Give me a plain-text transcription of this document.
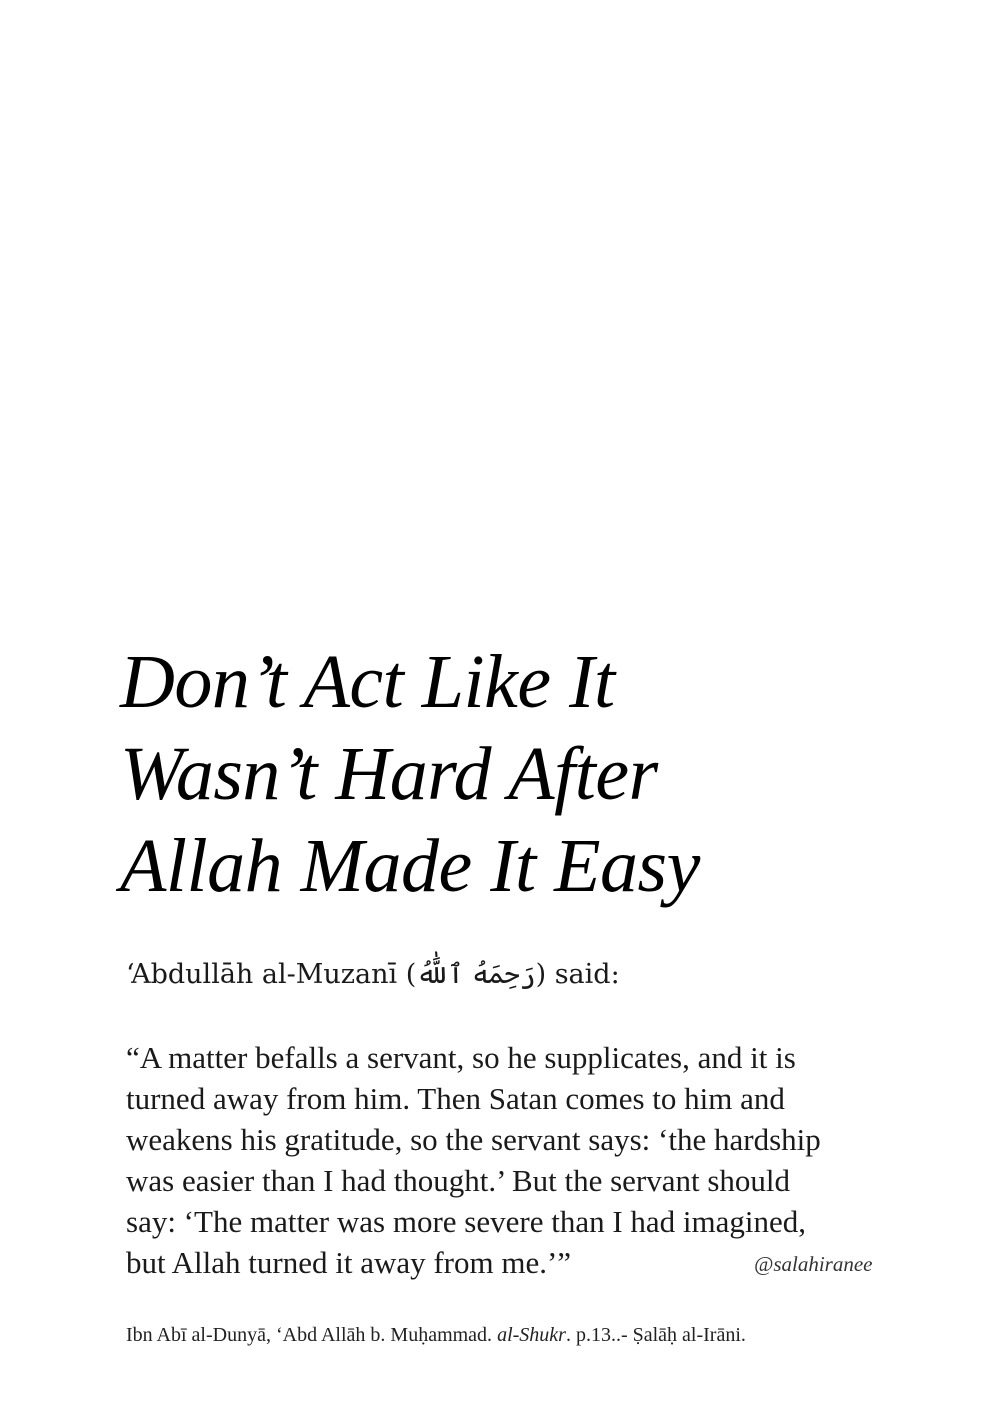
Don’t Act Like It
Wasn’t Hard After
Allah Made It Easy
‘Abdullāh al-Muzanī (رَحِمَهُ ٱللَّٰهُ) said:
“A matter befalls a servant, so he supplicates, and it is
turned away from him. Then Satan comes to him and
weakens his gratitude, so the servant says: ‘the hardship
was easier than I had thought.’ But the servant should
say: ‘The matter was more severe than I had imagined,
but Allah turned it away from me.’”	@salahiranee
Ibn Abī al-Dunyā, ‘Abd Allāh b. Muḥammad. al-Shukr. p.13..- Ṣalāḥ al-Irāni.
